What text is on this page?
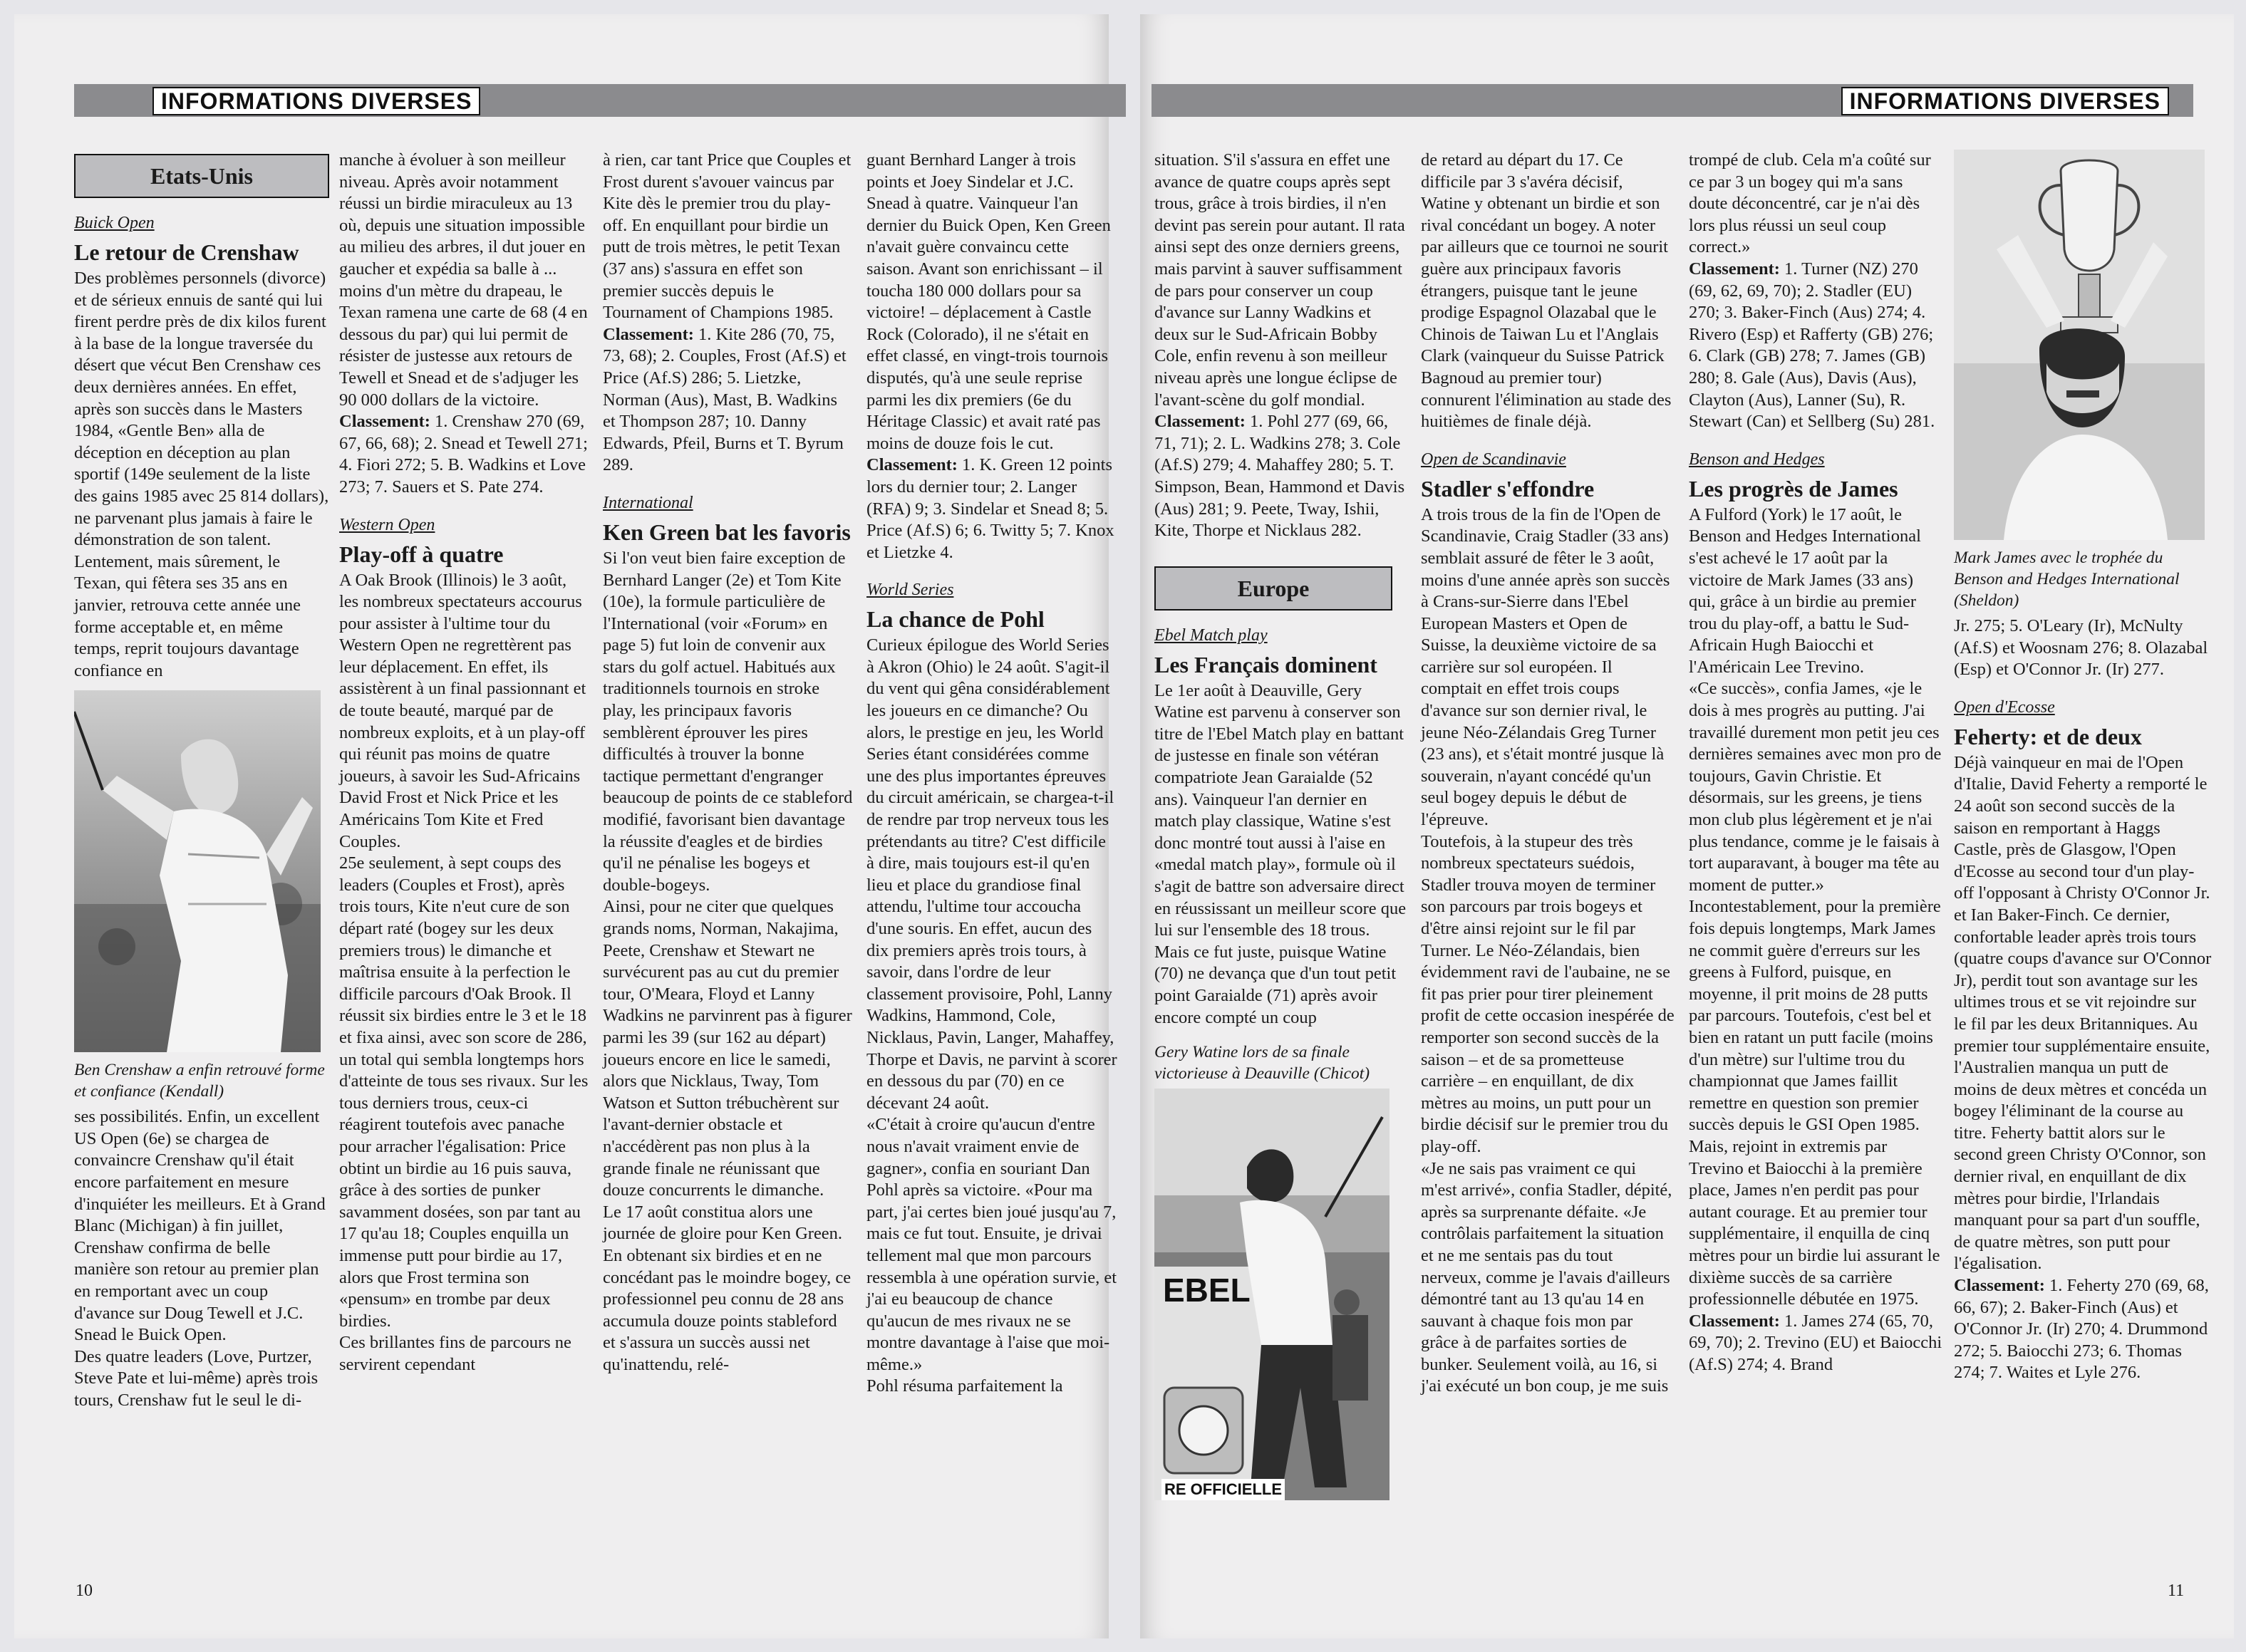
INFORMATIONS DIVERSES
Etats-Unis
Buick Open
Le retour de Crenshaw

Des problèmes personnels (divorce) et de sérieux ennuis de santé qui lui firent perdre près de dix kilos furent à la base de la longue traversée du désert que vécut Ben Crenshaw ces deux dernières années. En effet, après son succès dans le Masters 1984, «Gentle Ben» alla de déception en déception au plan sportif (149e seulement de la liste des gains 1985 avec 25 814 dollars), ne parvenant plus jamais à faire le démonstration de son talent.

Lentement, mais sûrement, le Texan, qui fêtera ses 35 ans en janvier, retrouva cette année une forme acceptable et, en même temps, reprit toujours davantage confiance en

Ben Crenshaw a enfin retrouvé forme et confiance (Kendall)

ses possibilités. Enfin, un excellent US Open (6e) se chargea de convaincre Crenshaw qu'il était encore parfaitement en mesure d'inquiéter les meilleurs. Et à Grand Blanc (Michigan) à fin juillet, Crenshaw confirma de belle manière son retour au premier plan en remportant avec un coup d'avance sur Doug Tewell et J.C. Snead le Buick Open.

Des quatre leaders (Love, Purtzer, Steve Pate et lui-même) après trois tours, Crenshaw fut le seul le di-

manche à évoluer à son meilleur niveau. Après avoir notamment réussi un birdie miraculeux au 13 où, depuis une situation impossible au milieu des arbres, il dut jouer en gaucher et expédia sa balle à ... moins d'un mètre du drapeau, le Texan ramena une carte de 68 (4 en dessous du par) qui lui permit de résister de justesse aux retours de Tewell et Snead et de s'adjuger les 90 000 dollars de la victoire.

Classement: 1. Crenshaw 270 (69, 67, 66, 68); 2. Snead et Tewell 271; 4. Fiori 272; 5. B. Wadkins et Love 273; 7. Sauers et S. Pate 274.

Western Open
Play-off à quatre

A Oak Brook (Illinois) le 3 août, les nombreux spectateurs accourus pour assister à l'ultime tour du Western Open ne regrettèrent pas leur déplacement. En effet, ils assistèrent à un final passionnant et de toute beauté, marqué par de nombreux exploits, et à un play-off qui réunit pas moins de quatre joueurs, à savoir les Sud-Africains David Frost et Nick Price et les Américains Tom Kite et Fred Couples.

25e seulement, à sept coups des leaders (Couples et Frost), après trois tours, Kite n'eut cure de son départ raté (bogey sur les deux premiers trous) le dimanche et maîtrisa ensuite à la perfection le difficile parcours d'Oak Brook. Il réussit six birdies entre le 3 et le 18 et fixa ainsi, avec son score de 286, un total qui sembla longtemps hors d'atteinte de tous ses rivaux. Sur les tous derniers trous, ceux-ci réagirent toutefois avec panache pour arracher l'égalisation: Price obtint un birdie au 16 puis sauva, grâce à des sorties de punker savamment dosées, son par tant au 17 qu'au 18; Couples enquilla un immense putt pour birdie au 17, alors que Frost termina son «pensum» en trombe par deux birdies.

Ces brillantes fins de parcours ne servirent cependant

à rien, car tant Price que Couples et Frost durent s'avouer vaincus par Kite dès le premier trou du play-off. En enquillant pour birdie un putt de trois mètres, le petit Texan (37 ans) s'assura en effet son premier succès depuis le Tournament of Champions 1985.

Classement: 1. Kite 286 (70, 75, 73, 68); 2. Couples, Frost (Af.S) et Price (Af.S) 286; 5. Lietzke, Norman (Aus), Mast, B. Wadkins et Thompson 287; 10. Danny Edwards, Pfeil, Burns et T. Byrum 289.

International
Ken Green bat les favoris

Si l'on veut bien faire exception de Bernhard Langer (2e) et Tom Kite (10e), la formule particulière de l'International (voir «Forum» en page 5) fut loin de convenir aux stars du golf actuel. Habitués aux traditionnels tournois en stroke play, les principaux favoris semblèrent éprouver les pires difficultés à trouver la bonne tactique permettant d'engranger beaucoup de points de ce stableford modifié, favorisant bien davantage la réussite d'eagles et de birdies qu'il ne pénalise les bogeys et double-bogeys.

Ainsi, pour ne citer que quelques grands noms, Norman, Nakajima, Peete, Crenshaw et Stewart ne survécurent pas au cut du premier tour, O'Meara, Floyd et Lanny Wadkins ne parvinrent pas à figurer parmi les 39 (sur 162 au départ) joueurs encore en lice le samedi, alors que Nicklaus, Tway, Tom Watson et Sutton trébuchèrent sur l'avant-dernier obstacle et n'accédèrent pas non plus à la grande finale ne réunissant que douze concurrents le dimanche.

Le 17 août constitua alors une journée de gloire pour Ken Green. En obtenant six birdies et en ne concédant pas le moindre bogey, ce professionnel peu connu de 28 ans accumula douze points stableford et s'assura un succès aussi net qu'inattendu, relé-

guant Bernhard Langer à trois points et Joey Sindelar et J.C. Snead à quatre. Vainqueur l'an dernier du Buick Open, Ken Green n'avait guère convaincu cette saison. Avant son enrichissant – il toucha 180 000 dollars pour sa victoire! – déplacement à Castle Rock (Colorado), il ne s'était en effet classé, en vingt-trois tournois disputés, qu'à une seule reprise parmi les dix premiers (6e du Héritage Classic) et avait raté pas moins de douze fois le cut.

Classement: 1. K. Green 12 points lors du dernier tour; 2. Langer (RFA) 9; 3. Sindelar et Snead 8; 5. Price (Af.S) 6; 6. Twitty 5; 7. Knox et Lietzke 4.

World Series
La chance de Pohl

Curieux épilogue des World Series à Akron (Ohio) le 24 août. S'agit-il du vent qui gêna considérablement les joueurs en ce dimanche? Ou alors, le prestige en jeu, les World Series étant considérées comme une des plus importantes épreuves du circuit américain, se chargea-t-il de rendre par trop nerveux tous les prétendants au titre? C'est difficile à dire, mais toujours est-il qu'en lieu et place du grandiose final attendu, l'ultime tour accoucha d'une souris. En effet, aucun des dix premiers après trois tours, à savoir, dans l'ordre de leur classement provisoire, Pohl, Lanny Wadkins, Hammond, Cole, Nicklaus, Pavin, Langer, Mahaffey, Thorpe et Davis, ne parvint à scorer en dessous du par (70) en ce décevant 24 août.

«C'était à croire qu'aucun d'entre nous n'avait vraiment envie de gagner», confia en souriant Dan Pohl après sa victoire. «Pour ma part, j'ai certes bien joué jusqu'au 7, mais ce fut tout. Ensuite, je drivai tellement mal que mon parcours ressembla à une opération survie, et j'ai eu beaucoup de chance qu'aucun de mes rivaux ne se montre davantage à l'aise que moi-même.»

Pohl résuma parfaitement la

10
INFORMATIONS DIVERSES

situation. S'il s'assura en effet une avance de quatre coups après sept trous, grâce à trois birdies, il n'en devint pas serein pour autant. Il rata ainsi sept des onze derniers greens, mais parvint à sauver suffisamment de pars pour conserver un coup d'avance sur Lanny Wadkins et deux sur le Sud-Africain Bobby Cole, enfin revenu à son meilleur niveau après une longue éclipse de l'avant-scène du golf mondial.

Classement: 1. Pohl 277 (69, 66, 71, 71); 2. L. Wadkins 278; 3. Cole (Af.S) 279; 4. Mahaffey 280; 5. T. Simpson, Bean, Hammond et Davis (Aus) 281; 9. Peete, Tway, Ishii, Kite, Thorpe et Nicklaus 282.

Europe
Ebel Match play
Les Français dominent

Le 1er août à Deauville, Gery Watine est parvenu à conserver son titre de l'Ebel Match play en battant de justesse en finale son vétéran compatriote Jean Garaialde (52 ans). Vainqueur l'an dernier en match play classique, Watine s'est donc montré tout aussi à l'aise en «medal match play», formule où il s'agit de battre son adversaire direct en réussissant un meilleur score que lui sur l'ensemble des 18 trous. Mais ce fut juste, puisque Watine (70) ne devança que d'un tout petit point Garaialde (71) après avoir encore compté un coup

Gery Watine lors de sa finale victorieuse à Deauville (Chicot)
EBEL
RE OFFICIELLE

de retard au départ du 17. Ce difficile par 3 s'avéra décisif, Watine y obtenant un birdie et son rival concédant un bogey. A noter par ailleurs que ce tournoi ne sourit guère aux principaux favoris étrangers, puisque tant le jeune prodige Espagnol Olazabal que le Chinois de Taiwan Lu et l'Anglais Clark (vainqueur du Suisse Patrick Bagnoud au premier tour) connurent l'élimination au stade des huitièmes de finale déjà.

Open de Scandinavie
Stadler s'effondre

A trois trous de la fin de l'Open de Scandinavie, Craig Stadler (33 ans) semblait assuré de fêter le 3 août, moins d'une année après son succès à Crans-sur-Sierre dans l'Ebel European Masters et Open de Suisse, la deuxième victoire de sa carrière sur sol européen. Il comptait en effet trois coups d'avance sur son dernier rival, le jeune Néo-Zélandais Greg Turner (23 ans), et s'était montré jusque là souverain, n'ayant concédé qu'un seul bogey depuis le début de l'épreuve.

Toutefois, à la stupeur des très nombreux spectateurs suédois, Stadler trouva moyen de terminer son parcours par trois bogeys et d'être ainsi rejoint sur le fil par Turner. Le Néo-Zélandais, bien évidemment ravi de l'aubaine, ne se fit pas prier pour tirer pleinement profit de cette occasion inespérée de remporter son second succès de la saison – et de sa prometteuse carrière – en enquillant, de dix mètres au moins, un putt pour un birdie décisif sur le premier trou du play-off.

«Je ne sais pas vraiment ce qui m'est arrivé», confia Stadler, dépité, après sa surprenante défaite. «Je contrôlais parfaitement la situation et ne me sentais pas du tout nerveux, comme je l'avais d'ailleurs démontré tant au 13 qu'au 14 en sauvant à chaque fois mon par grâce à de parfaites sorties de bunker. Seulement voilà, au 16, si j'ai exécuté un bon coup, je me suis

trompé de club. Cela m'a coûté sur ce par 3 un bogey qui m'a sans doute déconcentré, car je n'ai dès lors plus réussi un seul coup correct.»

Classement: 1. Turner (NZ) 270 (69, 62, 69, 70); 2. Stadler (EU) 270; 3. Baker-Finch (Aus) 274; 4. Rivero (Esp) et Rafferty (GB) 276; 6. Clark (GB) 278; 7. James (GB) 280; 8. Gale (Aus), Davis (Aus), Clayton (Aus), Lanner (Su), R. Stewart (Can) et Sellberg (Su) 281.

Benson and Hedges
Les progrès de James

A Fulford (York) le 17 août, le Benson and Hedges International s'est achevé le 17 août par la victoire de Mark James (33 ans) qui, grâce à un birdie au premier trou du play-off, a battu le Sud-Africain Hugh Baiocchi et l'Américain Lee Trevino.

«Ce succès», confia James, «je le dois à mes progrès au putting. J'ai travaillé durement mon petit jeu ces dernières semaines avec mon pro de toujours, Gavin Christie. Et désormais, sur les greens, je tiens mon club plus légèrement et je n'ai plus tendance, comme je le faisais à tort auparavant, à bouger ma tête au moment de putter.»

Incontestablement, pour la première fois depuis longtemps, Mark James ne commit guère d'erreurs sur les greens à Fulford, puisque, en moyenne, il prit moins de 28 putts par parcours. Toutefois, c'est bel et bien en ratant un putt facile (moins d'un mètre) sur l'ultime trou du championnat que James faillit remettre en question son premier succès depuis le GSI Open 1985. Mais, rejoint in extremis par Trevino et Baiocchi à la première place, James n'en perdit pas pour autant courage. Et au premier tour supplémentaire, il enquilla de cinq mètres pour un birdie lui assurant le dixième succès de sa carrière professionnelle débutée en 1975.

Classement: 1. James 274 (65, 70, 69, 70); 2. Trevino (EU) et Baiocchi (Af.S) 274; 4. Brand

Mark James avec le trophée du Benson and Hedges International (Sheldon)

Jr. 275; 5. O'Leary (Ir), McNulty (Af.S) et Woosnam 276; 8. Olazabal (Esp) et O'Connor Jr. (Ir) 277.

Open d'Ecosse
Feherty: et de deux

Déjà vainqueur en mai de l'Open d'Italie, David Feherty a remporté le 24 août son second succès de la saison en remportant à Haggs Castle, près de Glasgow, l'Open d'Ecosse au second tour d'un play-off l'opposant à Christy O'Connor Jr. et Ian Baker-Finch. Ce dernier, confortable leader après trois tours (quatre coups d'avance sur O'Connor Jr), perdit tout son avantage sur les ultimes trous et se vit rejoindre sur le fil par les deux Britanniques. Au premier tour supplémentaire ensuite, l'Australien manqua un putt de moins de deux mètres et concéda un bogey l'éliminant de la course au titre. Feherty battit alors sur le second green Christy O'Connor, son dernier rival, en enquillant de dix mètres pour birdie, l'Irlandais manquant pour sa part d'un souffle, de quatre mètres, son putt pour l'égalisation.

Classement: 1. Feherty 270 (69, 68, 66, 67); 2. Baker-Finch (Aus) et O'Connor Jr. (Ir) 270; 4. Drummond 272; 5. Baiocchi 273; 6. Thomas 274; 7. Waites et Lyle 276.

11
